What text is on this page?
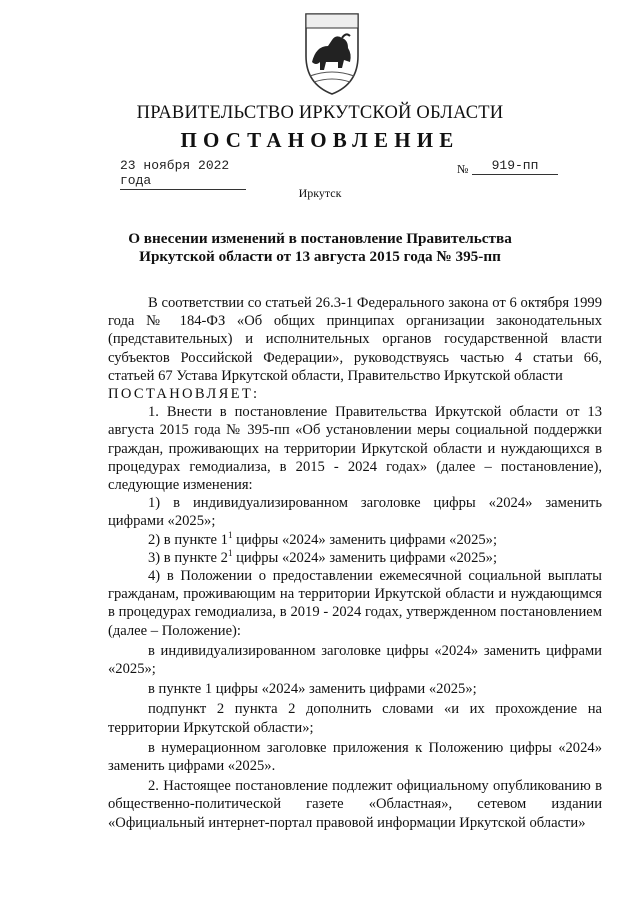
ПРАВИТЕЛЬСТВО ИРКУТСКОЙ ОБЛАСТИ
ПОСТАНОВЛЕНИЕ
23 ноября 2022 года
№	919-пп
Иркутск
О внесении изменений в постановление Правительства Иркутской области от 13 августа 2015 года № 395-пп

В соответствии со статьей 26.3-1 Федерального закона от 6 октября 1999 года № 184-ФЗ «Об общих принципах организации законодательных (представительных) и исполнительных органов государственной власти субъектов Российской Федерации», руководствуясь частью 4 статьи 66, статьей 67 Устава Иркутской области, Правительство Иркутской области

ПОСТАНОВЛЯЕТ:

1. Внести в постановление Правительства Иркутской области от 13 августа 2015 года № 395-пп «Об установлении меры социальной поддержки граждан, проживающих на территории Иркутской области и нуждающихся в процедурах гемодиализа, в 2015 - 2024 годах» (далее – постановление), следующие изменения:

1) в индивидуализированном заголовке цифры «2024» заменить цифрами «2025»;

2) в пункте $1^1$ цифры «2024» заменить цифрами «2025»;

3) в пункте $2^1$ цифры «2024» заменить цифрами «2025»;

4) в Положении о предоставлении ежемесячной социальной выплаты гражданам, проживающим на территории Иркутской области и нуждающимся в процедурах гемодиализа, в 2019 - 2024 годах, утвержденном постановлением (далее – Положение):

в индивидуализированном заголовке цифры «2024» заменить цифрами «2025»;

в пункте 1 цифры «2024» заменить цифрами «2025»;

подпункт 2 пункта 2 дополнить словами «и их прохождение на территории Иркутской области»;

в нумерационном заголовке приложения к Положению цифры «2024» заменить цифрами «2025».

2. Настоящее постановление подлежит официальному опубликованию в общественно-политической газете «Областная», сетевом издании «Официальный интернет-портал правовой информации Иркутской области»
